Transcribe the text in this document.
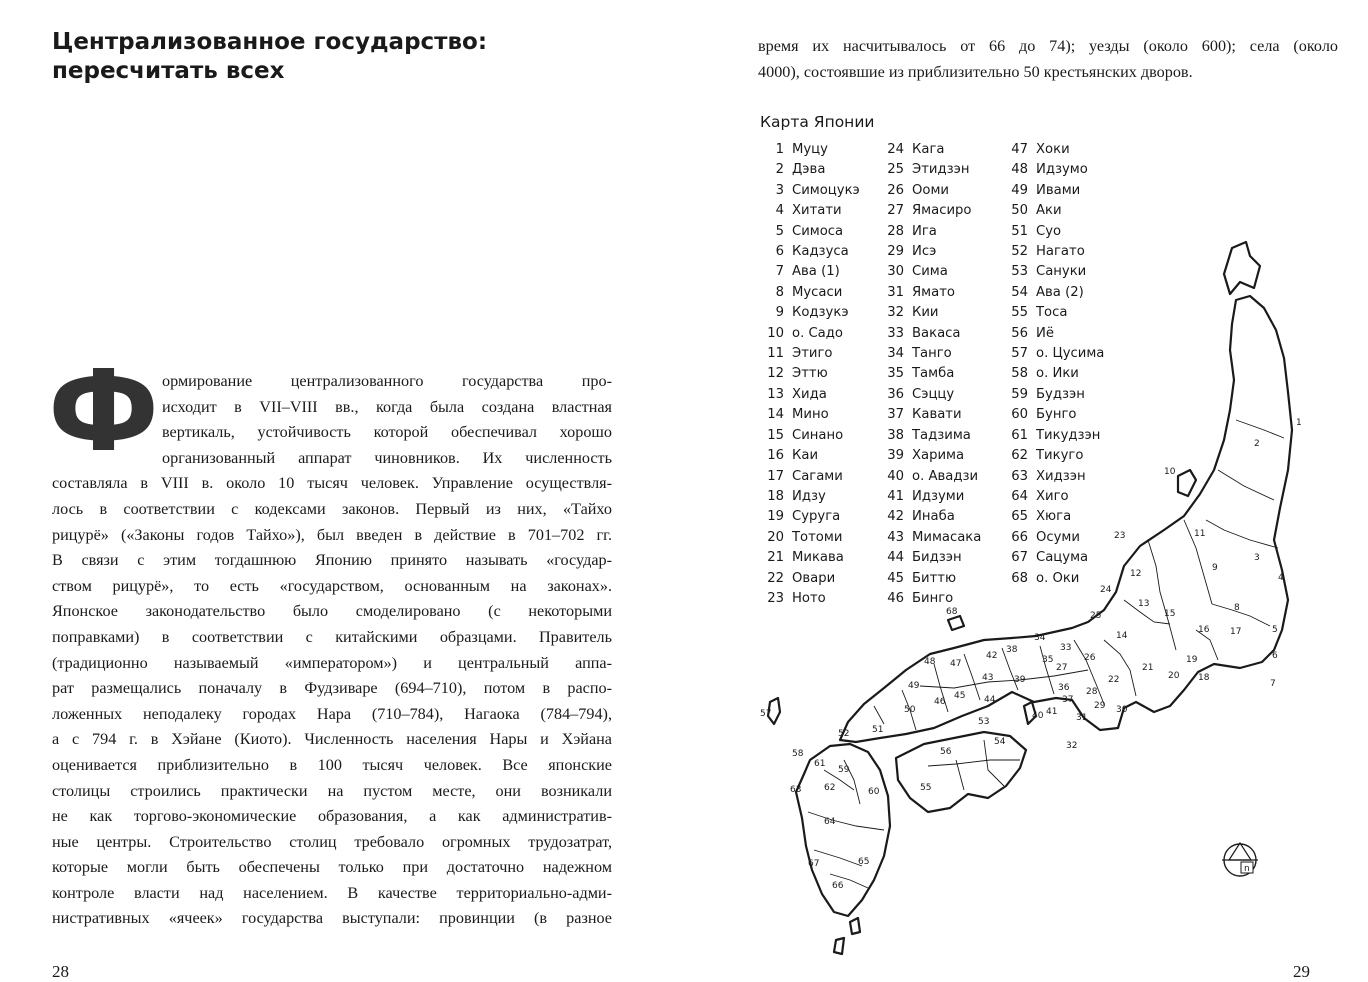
Централизованное государство:
пересчитать всех
Ф ормирование централизованного государства про-
исходит в VII–VIII вв., когда была создана властная
вертикаль, устойчивость которой обеспечивал хорошо
организованный аппарат чиновников. Их численность
составляла в VIII в. около 10 тысяч человек. Управление осуществля-
лось в соответствии с кодексами законов. Первый из них, «Тайхо
рицурё» («Законы годов Тайхо»), был введен в действие в 701–702 гг.
В связи с этим тогдашнюю Японию принято называть «государ-
ством рицурё», то есть «государством, основанным на законах».
Японское законодательство было смоделировано (с некоторыми
поправками) в соответствии с китайскими образцами. Правитель
(традиционно называемый «императором») и центральный аппа-
рат размещались поначалу в Фудзиваре (694–710), потом в распо-
ложенных неподалеку городах Нара (710–784), Нагаока (784–794),
а с 794 г. в Хэйане (Киото). Численность населения Нары и Хэйана
оценивается приблизительно в 100 тысяч человек. Все японские
столицы строились практически на пустом месте, они возникали
не как торгово-экономические образования, а как административ-
ные центры. Строительство столиц требовало огромных трудозатрат,
которые могли быть обеспечены только при достаточно надежном
контроле власти над населением. В качестве территориально-адми-
нистративных «ячеек» государства выступали: провинции (в разное
28
время их насчитывалось от 66 до 74); уезды (около 600); села (около
4000), состоявшие из приблизительно 50 крестьянских дворов.
Карта Японии
1 Муцу
2 Дэва
3 Симоцукэ
4 Хитати
5 Симоса
6 Кадзуса
7 Ава (1)
8 Мусаси
9 Кодзукэ
10 о. Садо
11 Этиго
12 Эттю
13 Хида
14 Мино
15 Синано
16 Каи
17 Сагами
18 Идзу
19 Суруга
20 Тотоми
21 Микава
22 Овари
23 Ното
24 Кага
25 Этидзэн
26 Ооми
27 Ямасиро
28 Ига
29 Исэ
30 Сима
31 Ямато
32 Кии
33 Вакаса
34 Танго
35 Тамба
36 Сэццу
37 Кавати
38 Тадзима
39 Харима
40 о. Авадзи
41 Идзуми
42 Инаба
43 Мимасака
44 Бидзэн
45 Биттю
46 Бинго
47 Хоки
48 Идзумо
49 Ивами
50 Аки
51 Суо
52 Нагато
53 Сануки
54 Ава (2)
55 Тоса
56 Иё
57 о. Цусима
58 о. Ики
59 Будзэн
60 Бунго
61 Тикудзэн
62 Тикуго
63 Хидзэн
64 Хиго
65 Хюга
66 Осуми
67 Сацума
68 о. Оки
1
2
3
4
5
6
7
8
9
10
11
12
13
14
15
16 17
18
19
20
21
22
23
24
25
26
27
28
29 30
31
32
33
34
35
36
37
38
39
40 41
42
43
44
45
46
47
48
49
50
51
52
53
54
55
56
57
58
59
60
61
62
63
64
65
66
67
68
n
29
